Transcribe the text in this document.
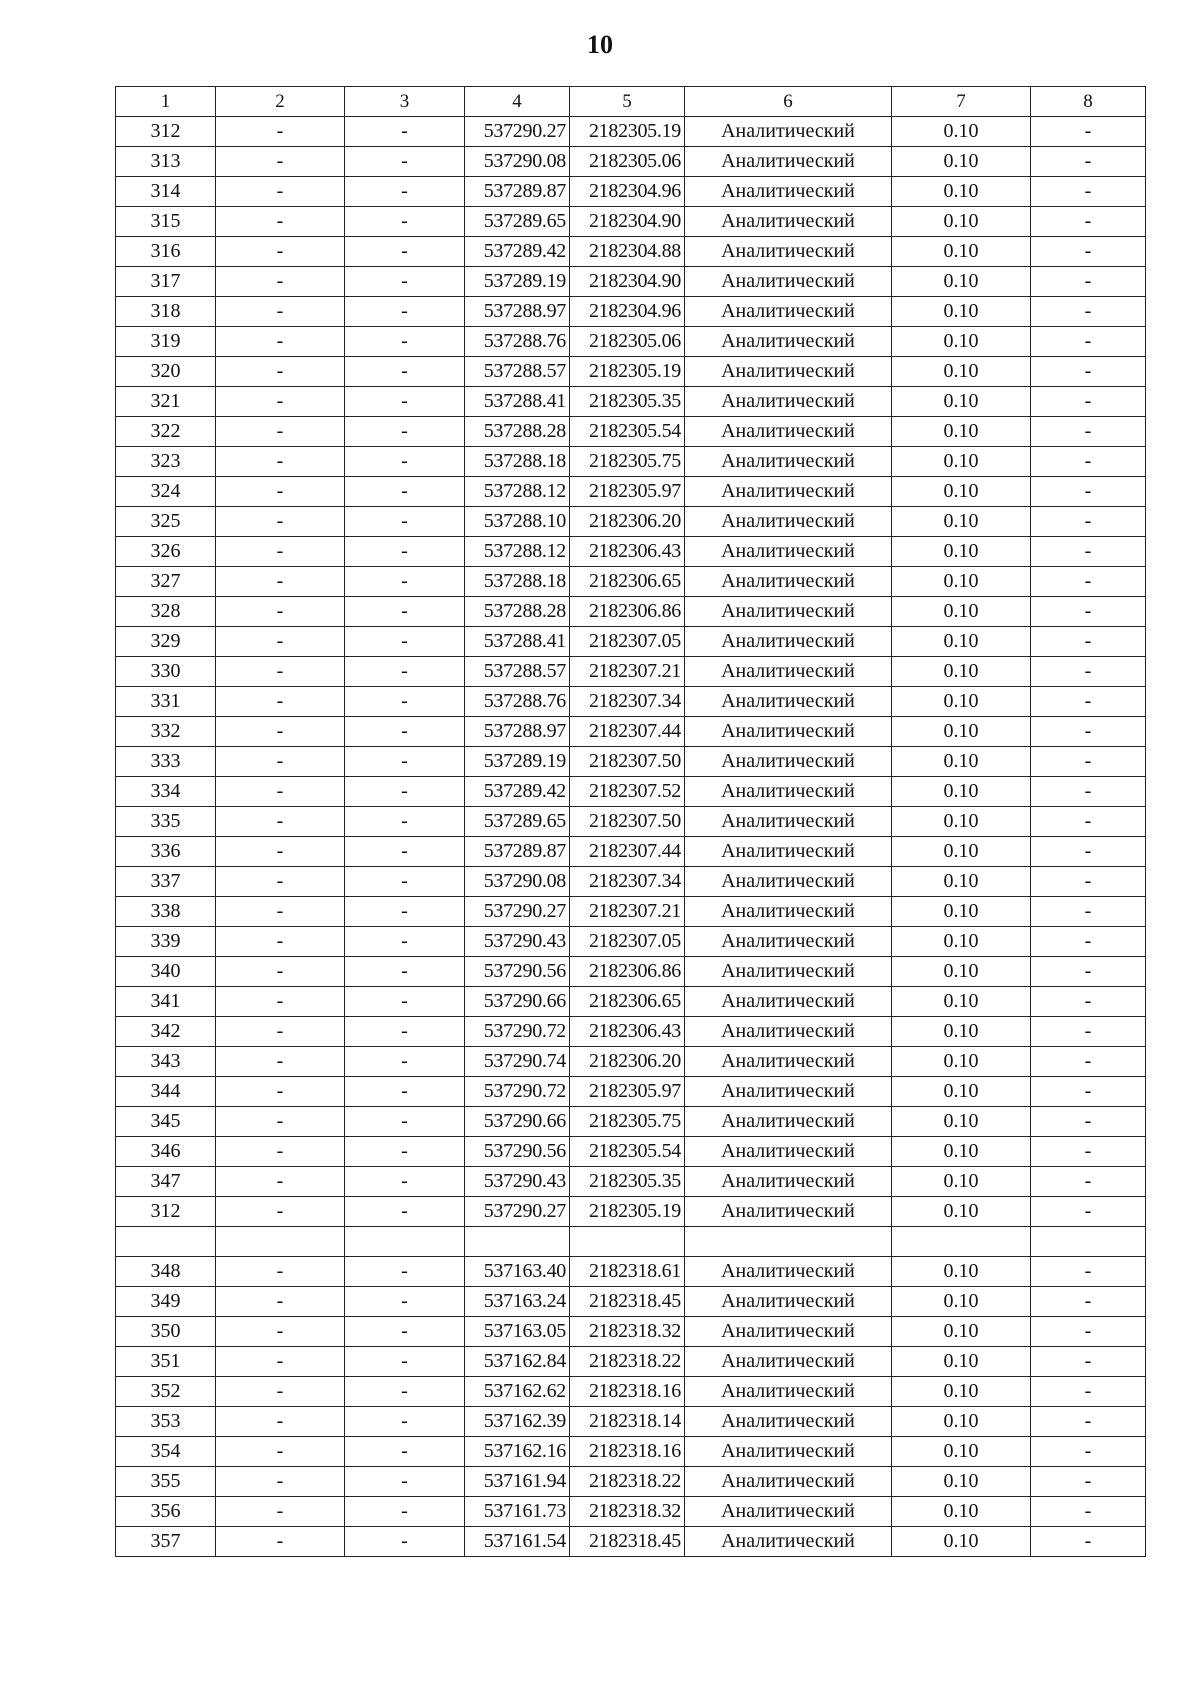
10
1	2	3	4	5	6	7	8
312	-	-	537290.27	2182305.19	Аналитический	0.10	-
313	-	-	537290.08	2182305.06	Аналитический	0.10	-
314	-	-	537289.87	2182304.96	Аналитический	0.10	-
315	-	-	537289.65	2182304.90	Аналитический	0.10	-
316	-	-	537289.42	2182304.88	Аналитический	0.10	-
317	-	-	537289.19	2182304.90	Аналитический	0.10	-
318	-	-	537288.97	2182304.96	Аналитический	0.10	-
319	-	-	537288.76	2182305.06	Аналитический	0.10	-
320	-	-	537288.57	2182305.19	Аналитический	0.10	-
321	-	-	537288.41	2182305.35	Аналитический	0.10	-
322	-	-	537288.28	2182305.54	Аналитический	0.10	-
323	-	-	537288.18	2182305.75	Аналитический	0.10	-
324	-	-	537288.12	2182305.97	Аналитический	0.10	-
325	-	-	537288.10	2182306.20	Аналитический	0.10	-
326	-	-	537288.12	2182306.43	Аналитический	0.10	-
327	-	-	537288.18	2182306.65	Аналитический	0.10	-
328	-	-	537288.28	2182306.86	Аналитический	0.10	-
329	-	-	537288.41	2182307.05	Аналитический	0.10	-
330	-	-	537288.57	2182307.21	Аналитический	0.10	-
331	-	-	537288.76	2182307.34	Аналитический	0.10	-
332	-	-	537288.97	2182307.44	Аналитический	0.10	-
333	-	-	537289.19	2182307.50	Аналитический	0.10	-
334	-	-	537289.42	2182307.52	Аналитический	0.10	-
335	-	-	537289.65	2182307.50	Аналитический	0.10	-
336	-	-	537289.87	2182307.44	Аналитический	0.10	-
337	-	-	537290.08	2182307.34	Аналитический	0.10	-
338	-	-	537290.27	2182307.21	Аналитический	0.10	-
339	-	-	537290.43	2182307.05	Аналитический	0.10	-
340	-	-	537290.56	2182306.86	Аналитический	0.10	-
341	-	-	537290.66	2182306.65	Аналитический	0.10	-
342	-	-	537290.72	2182306.43	Аналитический	0.10	-
343	-	-	537290.74	2182306.20	Аналитический	0.10	-
344	-	-	537290.72	2182305.97	Аналитический	0.10	-
345	-	-	537290.66	2182305.75	Аналитический	0.10	-
346	-	-	537290.56	2182305.54	Аналитический	0.10	-
347	-	-	537290.43	2182305.35	Аналитический	0.10	-
312	-	-	537290.27	2182305.19	Аналитический	0.10	-

348	-	-	537163.40	2182318.61	Аналитический	0.10	-
349	-	-	537163.24	2182318.45	Аналитический	0.10	-
350	-	-	537163.05	2182318.32	Аналитический	0.10	-
351	-	-	537162.84	2182318.22	Аналитический	0.10	-
352	-	-	537162.62	2182318.16	Аналитический	0.10	-
353	-	-	537162.39	2182318.14	Аналитический	0.10	-
354	-	-	537162.16	2182318.16	Аналитический	0.10	-
355	-	-	537161.94	2182318.22	Аналитический	0.10	-
356	-	-	537161.73	2182318.32	Аналитический	0.10	-
357	-	-	537161.54	2182318.45	Аналитический	0.10	-
